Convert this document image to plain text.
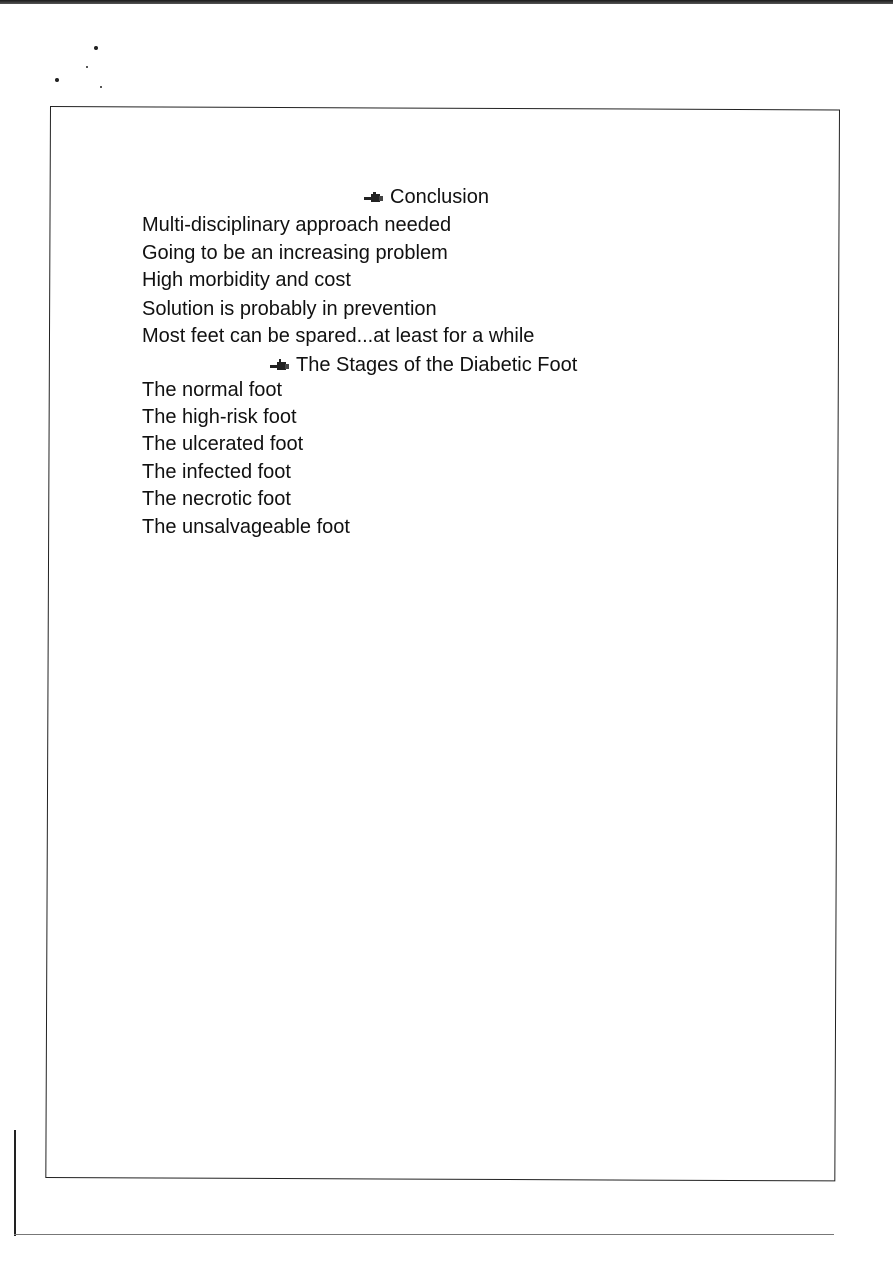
Conclusion
Multi-disciplinary approach needed
Going to be an increasing problem
High morbidity and cost
Solution is probably in prevention
Most feet can be spared...at least for a while
The Stages of the Diabetic Foot
The normal foot
The high-risk foot
The ulcerated foot
The infected foot
The necrotic foot
The unsalvageable foot
